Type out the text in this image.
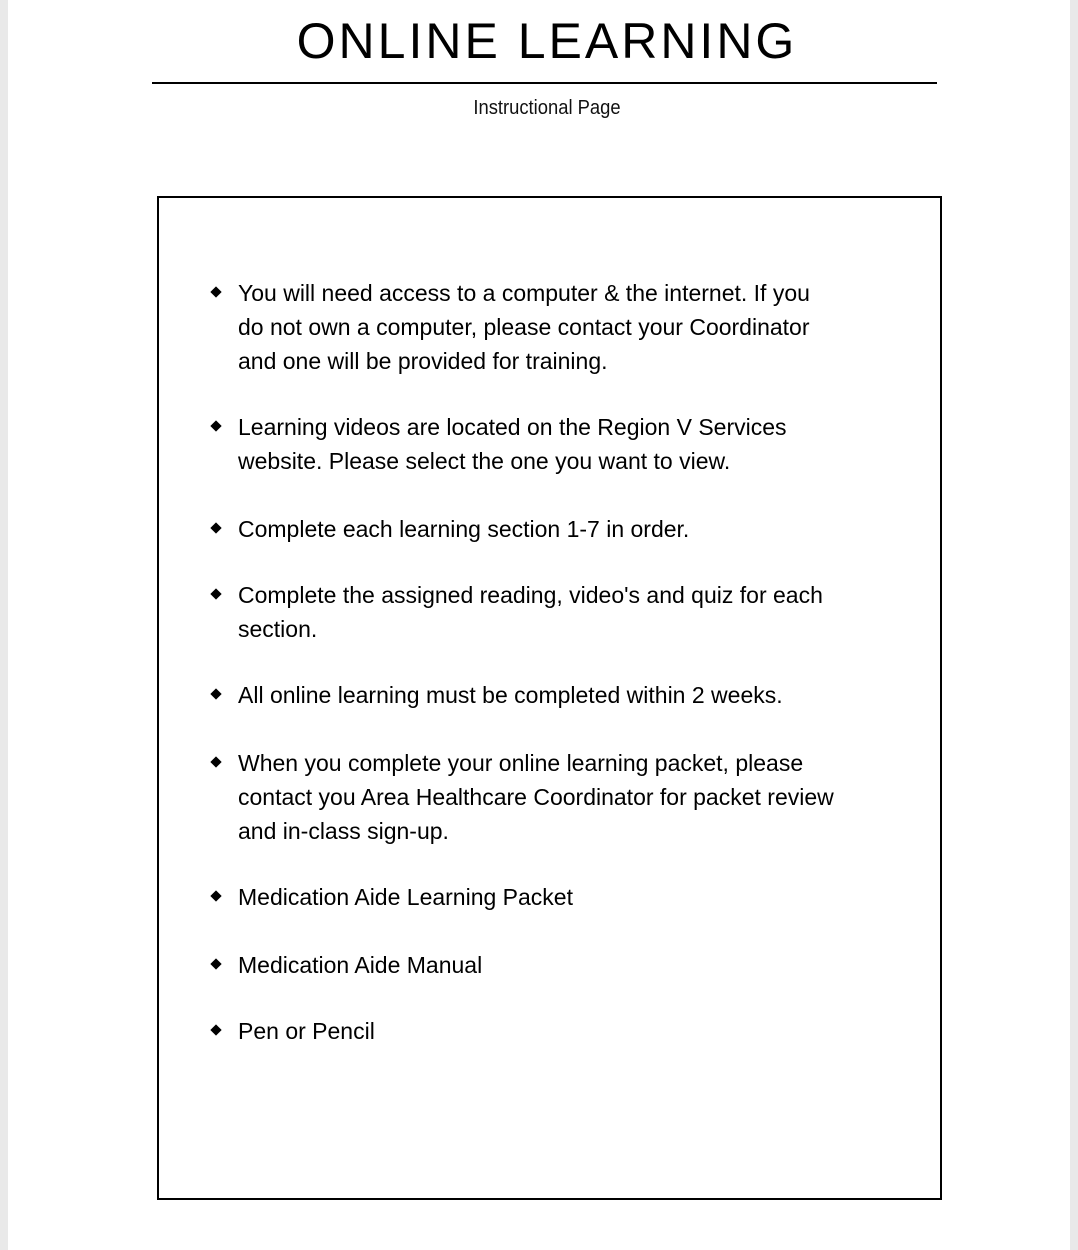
ONLINE LEARNING
Instructional Page
You will need access to a computer & the internet. If you
do not own a computer, please contact your Coordinator
and one will be provided for training.
Learning videos are located on the Region V Services
website. Please select the one you want to view.
Complete each learning section 1-7 in order.
Complete the assigned reading, video's and quiz for each
section.
All online learning must be completed within 2 weeks.
When you complete your online learning packet, please
contact you Area Healthcare Coordinator for packet review
and in-class sign-up.
Medication Aide Learning Packet
Medication Aide Manual
Pen or Pencil
